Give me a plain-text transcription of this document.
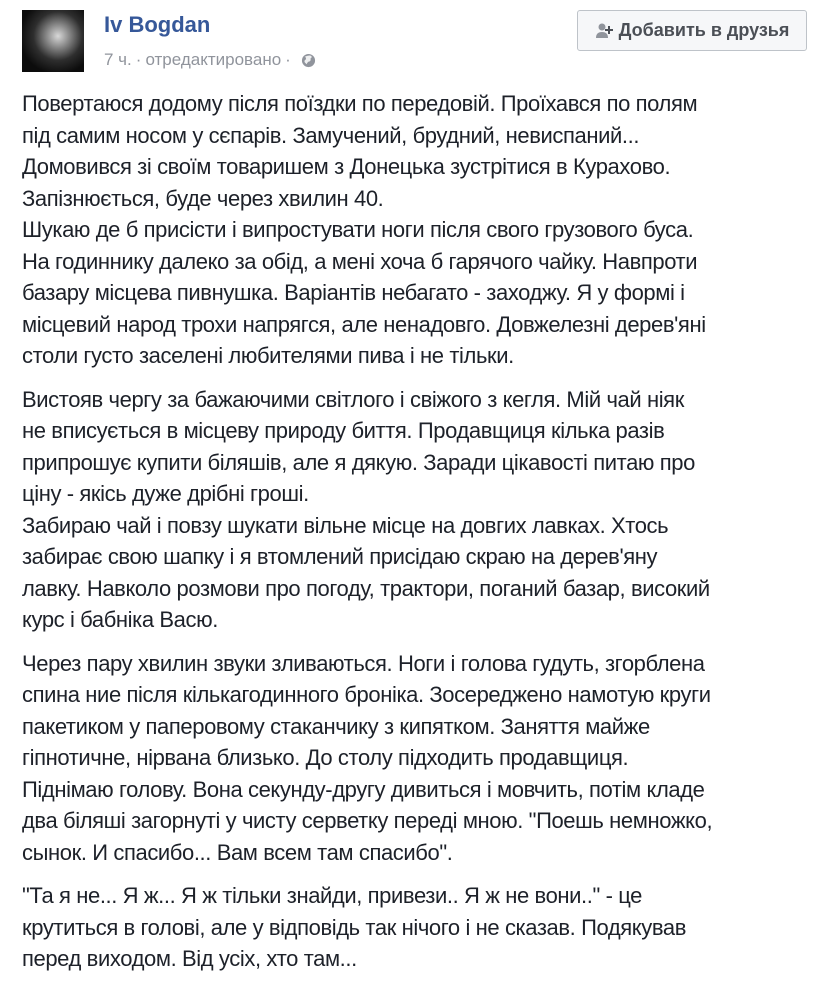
Iv Bogdan
7 ч. · отредактировано ·
Добавить в друзья

Повертаюся додому після поїздки по передовій. Проїхався по полям
під самим носом у сєпарів. Замучений, брудний, невиспаний...
Домовився зі своїм товаришем з Донецька зустрітися в Курахово.
Запізнюється, буде через хвилин 40.
Шукаю де б присісти і випростувати ноги після свого грузового буса.
На годиннику далеко за обід, а мені хоча б гарячого чайку. Навпроти
базару місцева пивнушка. Варіантів небагато - заходжу. Я у формі і
місцевий народ трохи напрягся, але ненадовго. Довжелезні дерев'яні
столи густо заселені любителями пива і не тільки.

Вистояв чергу за бажаючими світлого і свіжого з кегля. Мій чай ніяк
не вписується в місцеву природу биття. Продавщиця кілька разів
припрошує купити біляшів, але я дякую. Заради цікавості питаю про
ціну - якісь дуже дрібні гроші.
Забираю чай і повзу шукати вільне місце на довгих лавках. Хтось
забирає свою шапку і я втомлений присідаю скраю на дерев'яну
лавку. Навколо розмови про погоду, трактори, поганий базар, високий
курс і бабніка Васю.

Через пару хвилин звуки зливаються. Ноги і голова гудуть, згорблена
спина ние після кількагодинного броніка. Зосереджено намотую круги
пакетиком у паперовому стаканчику з кипятком. Заняття майже
гіпнотичне, нірвана близько. До столу підходить продавщиця.
Піднімаю голову. Вона секунду-другу дивиться і мовчить, потім кладе
два біляші загорнуті у чисту серветку переді мною. "Поешь немножко,
сынок. И спасибо... Вам всем там спасибо".

"Та я не... Я ж... Я ж тільки знайди, привези.. Я ж не вони.." - це
крутиться в голові, але у відповідь так нічого і не сказав. Подякував
перед виходом. Від усіх, хто там...
